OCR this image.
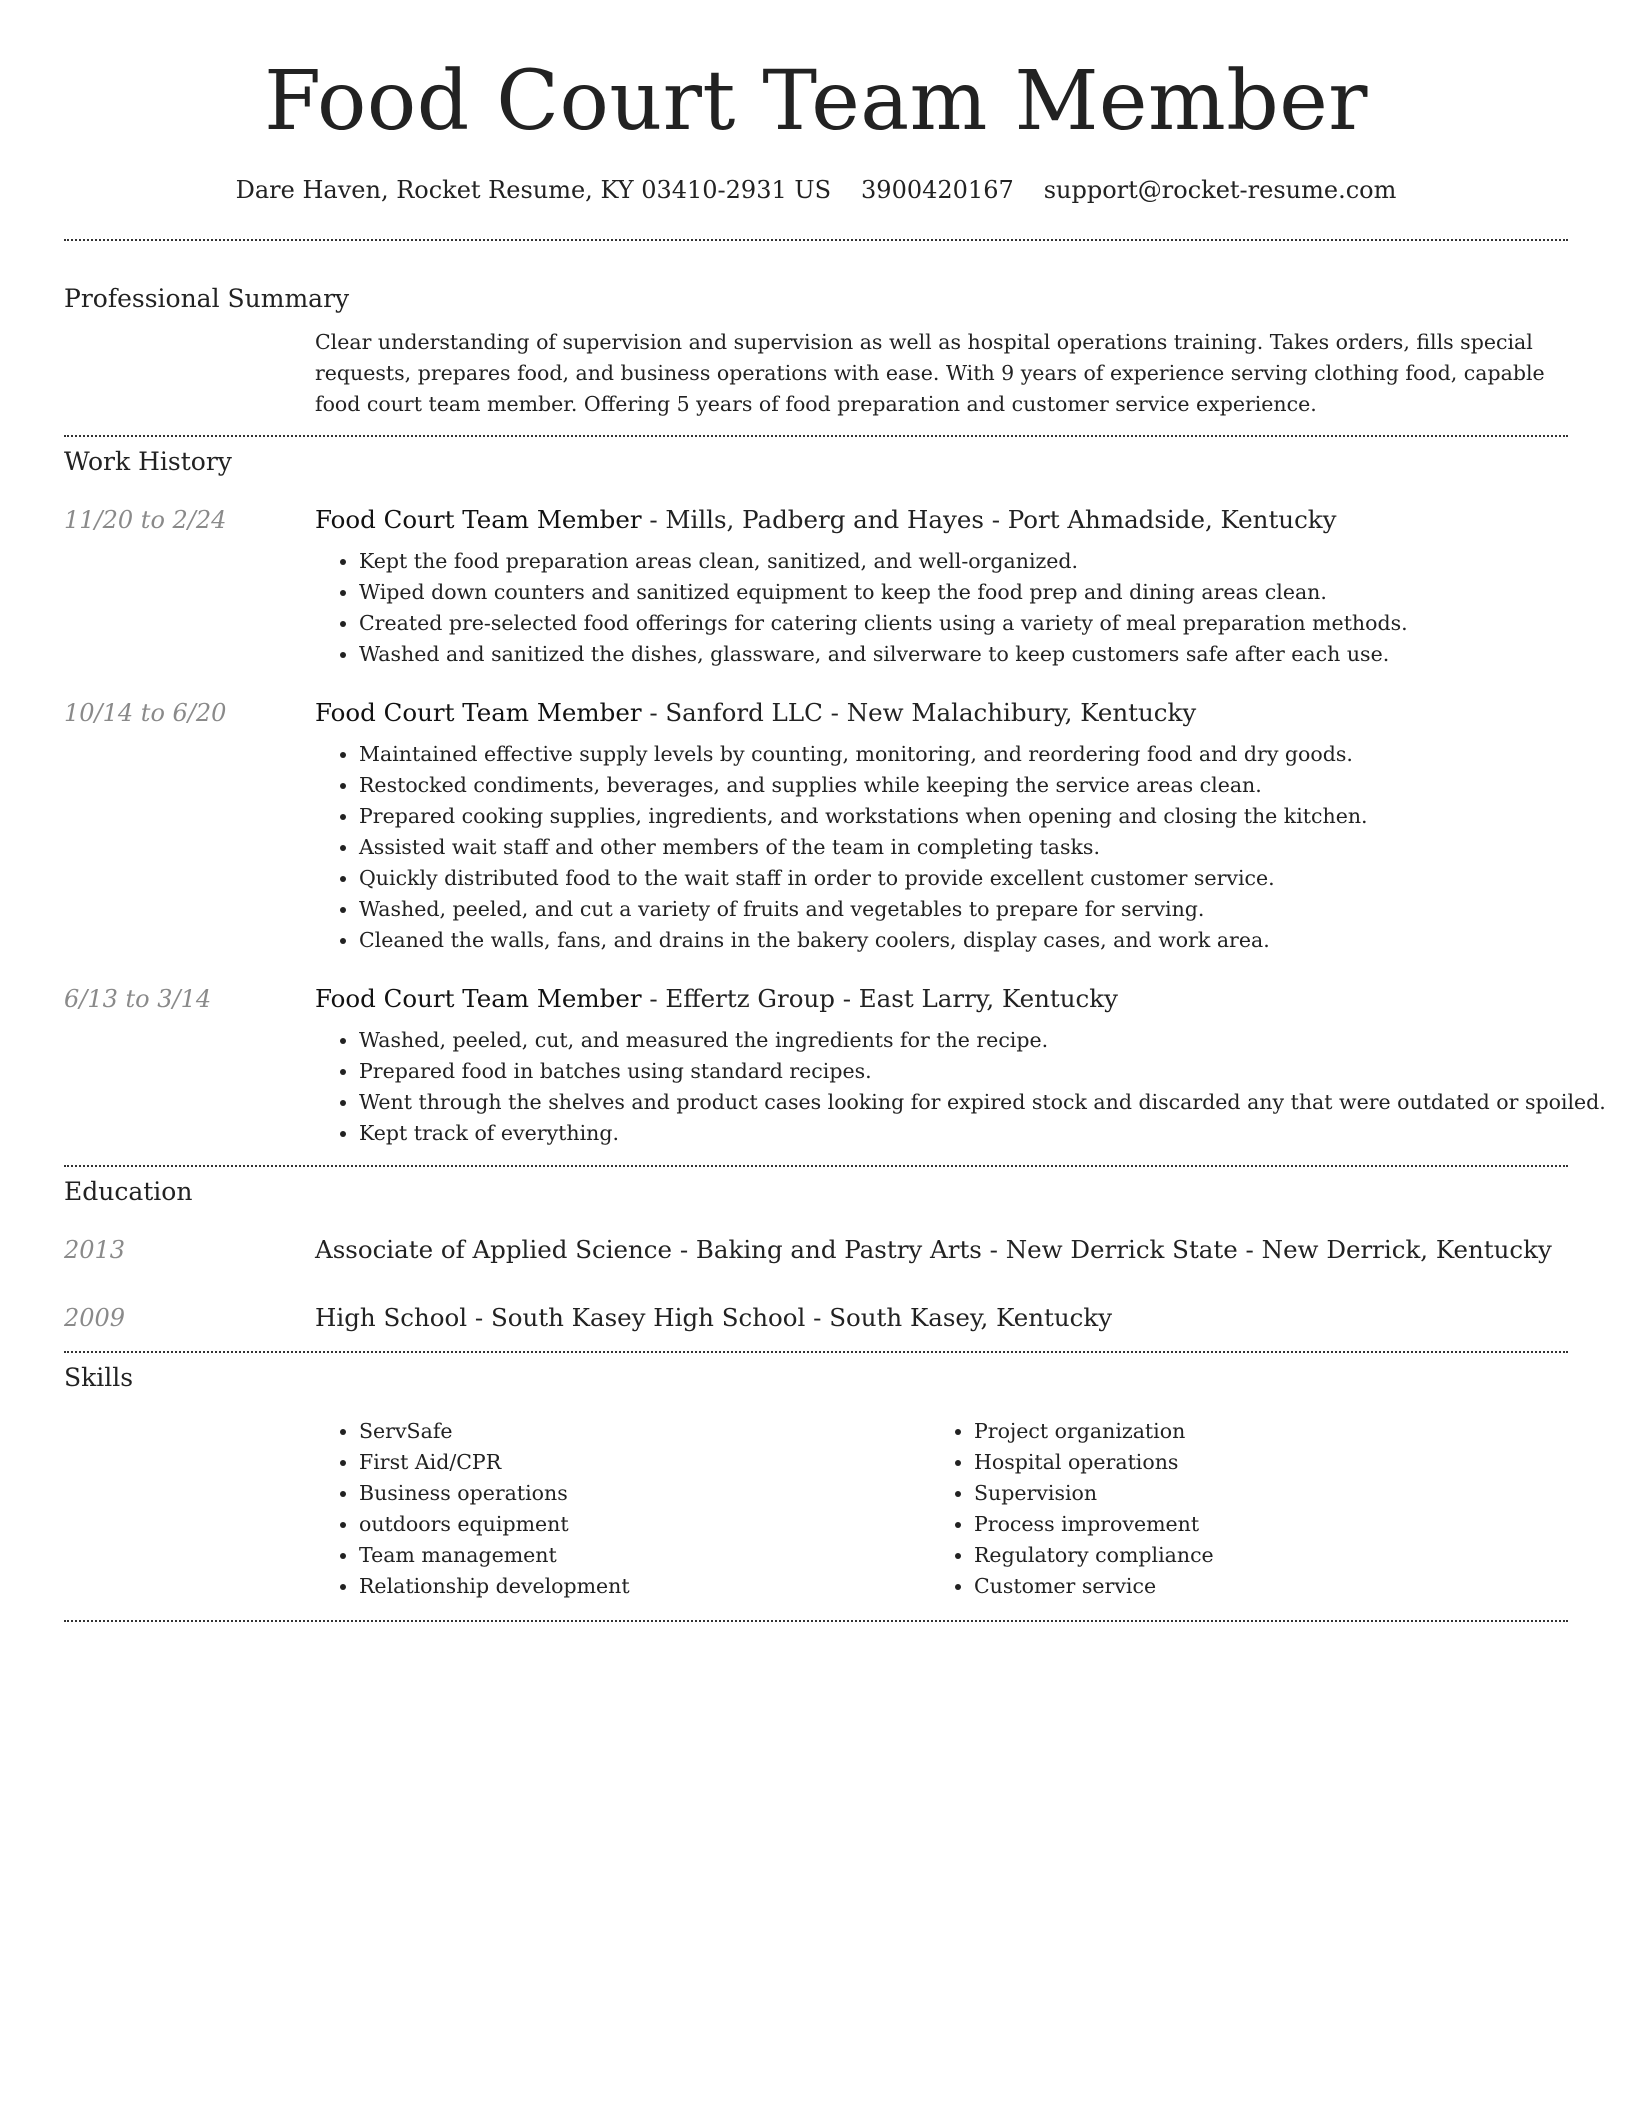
Food Court Team Member
Dare Haven, Rocket Resume, KY 03410-2931 US 3900420167 support@rocket-resume.com
Professional Summary
Clear understanding of supervision and supervision as well as hospital operations training. Takes orders, fills special requests, prepares food, and business operations with ease. With 9 years of experience serving clothing food, capable food court team member. Offering 5 years of food preparation and customer service experience.
Work History
11/20 to 2/24	Food Court Team Member - Mills, Padberg and Hayes - Port Ahmadside, Kentucky
• Kept the food preparation areas clean, sanitized, and well-organized.
• Wiped down counters and sanitized equipment to keep the food prep and dining areas clean.
• Created pre-selected food offerings for catering clients using a variety of meal preparation methods.
• Washed and sanitized the dishes, glassware, and silverware to keep customers safe after each use.
10/14 to 6/20	Food Court Team Member - Sanford LLC - New Malachibury, Kentucky
• Maintained effective supply levels by counting, monitoring, and reordering food and dry goods.
• Restocked condiments, beverages, and supplies while keeping the service areas clean.
• Prepared cooking supplies, ingredients, and workstations when opening and closing the kitchen.
• Assisted wait staff and other members of the team in completing tasks.
• Quickly distributed food to the wait staff in order to provide excellent customer service.
• Washed, peeled, and cut a variety of fruits and vegetables to prepare for serving.
• Cleaned the walls, fans, and drains in the bakery coolers, display cases, and work area.
6/13 to 3/14	Food Court Team Member - Effertz Group - East Larry, Kentucky
• Washed, peeled, cut, and measured the ingredients for the recipe.
• Prepared food in batches using standard recipes.
• Went through the shelves and product cases looking for expired stock and discarded any that were outdated or spoiled.
• Kept track of everything.
Education
2013	Associate of Applied Science - Baking and Pastry Arts - New Derrick State - New Derrick, Kentucky
2009	High School - South Kasey High School - South Kasey, Kentucky
Skills
• ServSafe
• First Aid/CPR
• Business operations
• outdoors equipment
• Team management
• Relationship development
• Project organization
• Hospital operations
• Supervision
• Process improvement
• Regulatory compliance
• Customer service
